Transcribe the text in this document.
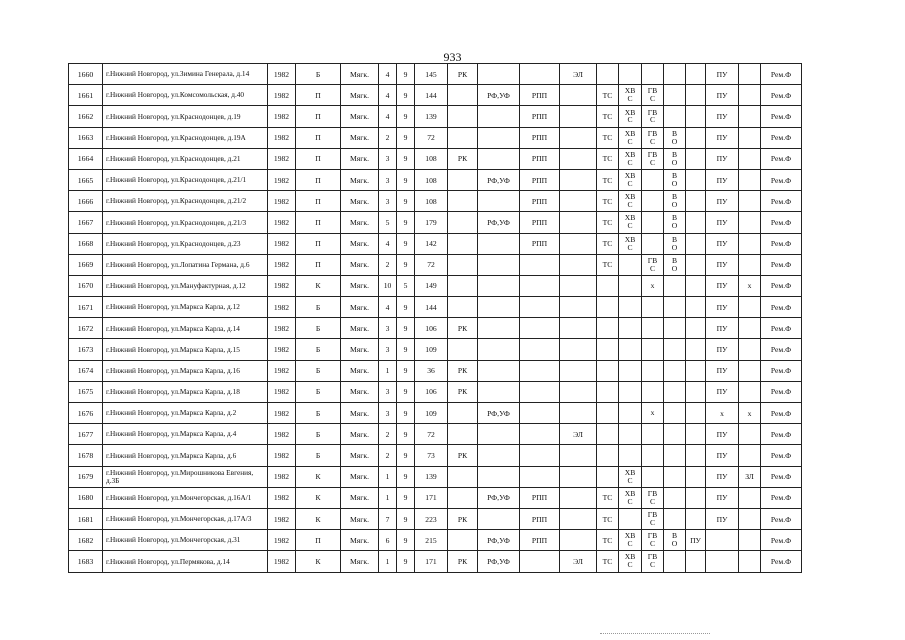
933
1660	г.Нижний Новгород, ул.Зимина Генерала, д.14	1982	Б	Мягк.	4	9	145	РК			ЭЛ						ПУ		Рем.Ф
1661	г.Нижний Новгород, ул.Комсомольская, д.40	1982	П	Мягк.	4	9	144		РФ,УФ	РПП		ТС	ХВ
С	ГВ
С			ПУ		Рем.Ф
1662	г.Нижний Новгород, ул.Краснодонцев, д.19	1982	П	Мягк.	4	9	139			РПП		ТС	ХВ
С	ГВ
С			ПУ		Рем.Ф
1663	г.Нижний Новгород, ул.Краснодонцев, д.19А	1982	П	Мягк.	2	9	72			РПП		ТС	ХВ
С	ГВ
С	В
О		ПУ		Рем.Ф
1664	г.Нижний Новгород, ул.Краснодонцев, д.21	1982	П	Мягк.	3	9	108	РК		РПП		ТС	ХВ
С	ГВ
С	В
О		ПУ		Рем.Ф
1665	г.Нижний Новгород, ул.Краснодонцев, д.21/1	1982	П	Мягк.	3	9	108		РФ,УФ	РПП		ТС	ХВ
С		В
О		ПУ		Рем.Ф
1666	г.Нижний Новгород, ул.Краснодонцев, д.21/2	1982	П	Мягк.	3	9	108			РПП		ТС	ХВ
С		В
О		ПУ		Рем.Ф
1667	г.Нижний Новгород, ул.Краснодонцев, д.21/3	1982	П	Мягк.	5	9	179		РФ,УФ	РПП		ТС	ХВ
С		В
О		ПУ		Рем.Ф
1668	г.Нижний Новгород, ул.Краснодонцев, д.23	1982	П	Мягк.	4	9	142			РПП		ТС	ХВ
С		В
О		ПУ		Рем.Ф
1669	г.Нижний Новгород, ул.Лопатина Германа, д.6	1982	П	Мягк.	2	9	72					ТС		ГВ
С	В
О		ПУ		Рем.Ф
1670	г.Нижний Новгород, ул.Мануфактурная, д.12	1982	К	Мягк.	10	5	149							х			ПУ	х	Рем.Ф
1671	г.Нижний Новгород, ул.Маркса Карла, д.12	1982	Б	Мягк.	4	9	144										ПУ		Рем.Ф
1672	г.Нижний Новгород, ул.Маркса Карла, д.14	1982	Б	Мягк.	3	9	106	РК									ПУ		Рем.Ф
1673	г.Нижний Новгород, ул.Маркса Карла, д.15	1982	Б	Мягк.	3	9	109										ПУ		Рем.Ф
1674	г.Нижний Новгород, ул.Маркса Карла, д.16	1982	Б	Мягк.	1	9	36	РК									ПУ		Рем.Ф
1675	г.Нижний Новгород, ул.Маркса Карла, д.18	1982	Б	Мягк.	3	9	106	РК									ПУ		Рем.Ф
1676	г.Нижний Новгород, ул.Маркса Карла, д.2	1982	Б	Мягк.	3	9	109		РФ,УФ					х			х	х	Рем.Ф
1677	г.Нижний Новгород, ул.Маркса Карла, д.4	1982	Б	Мягк.	2	9	72				ЭЛ						ПУ		Рем.Ф
1678	г.Нижний Новгород, ул.Маркса Карла, д.6	1982	Б	Мягк.	2	9	73	РК									ПУ		Рем.Ф
1679	г.Нижний Новгород, ул.Мирошникова Евгения, д.3Б	1982	К	Мягк.	1	9	139						ХВ
С				ПУ	ЗЛ	Рем.Ф
1680	г.Нижний Новгород, ул.Мончегорская, д.16А/1	1982	К	Мягк.	1	9	171		РФ,УФ	РПП		ТС	ХВ
С	ГВ
С			ПУ		Рем.Ф
1681	г.Нижний Новгород, ул.Мончегорская, д.17А/3	1982	К	Мягк.	7	9	223	РК		РПП		ТС		ГВ
С			ПУ		Рем.Ф
1682	г.Нижний Новгород, ул.Мончегорская, д.31	1982	П	Мягк.	6	9	215		РФ,УФ	РПП		ТС	ХВ
С	ГВ
С	В
О	ПУ			Рем.Ф
1683	г.Нижний Новгород, ул.Пермякова, д.14	1982	К	Мягк.	1	9	171	РК	РФ,УФ		ЭЛ	ТС	ХВ
С	ГВ
С					Рем.Ф
